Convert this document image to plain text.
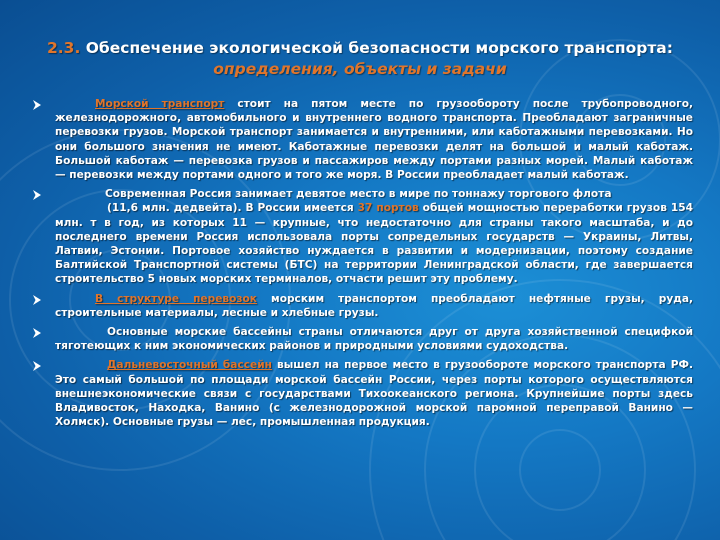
2.3. Обеспечение экологической безопасности морского транспорта:
определения, объекты и задачи

Морской транспорт стоит на пятом месте по грузообороту после трубопроводного, железнодорожного, автомобильного и внутреннего водного транспорта. Преобладают заграничные перевозки грузов. Морской транспорт занимается и внутренними, или каботажными перевозками. Но они большого значения не имеют. Каботажные перевозки делят на большой и малый каботаж. Большой каботаж — перевозка грузов и пассажиров между портами разных морей. Малый каботаж — перевозки между портами одного и того же моря. В России преобладает малый каботаж.

Современная Россия занимает девятое место в мире по тоннажу торгового флота

(11,6 млн. дедвейта). В России имеется 37 портов общей мощностью переработки грузов 154 млн. т в год, из которых 11 — крупные, что недостаточно для страны такого масштаба, и до последнего времени Россия использовала порты сопредельных государств — Украины, Литвы, Латвии, Эстонии. Портовое хозяйство нуждается в развитии и модернизации, поэтому создание Балтийской Транспортной системы (БТС) на территории Ленинградской области, где завершается строительство 5 новых морских терминалов, отчасти решит эту проблему.

В структуре перевозок морским транспортом преобладают нефтяные грузы, руда, строительные материалы, лесные и хлебные грузы.

Основные морские бассейны страны отличаются друг от друга хозяйственной специфкой тяготеющих к ним экономических районов и природными условиями судоходства.

Дальневосточный бассейн вышел на первое место в грузообороте морского транспорта РФ. Это самый большой по площади морской бассейн России, через порты которого осуществляются внешнеэкономические связи с государствами Тихоокеанского региона. Крупнейшие порты здесь Владивосток, Находка, Ванино (с железнодорожной морской паромной переправой Ванино — Холмск). Основные грузы — лес, промышленная продукция.
